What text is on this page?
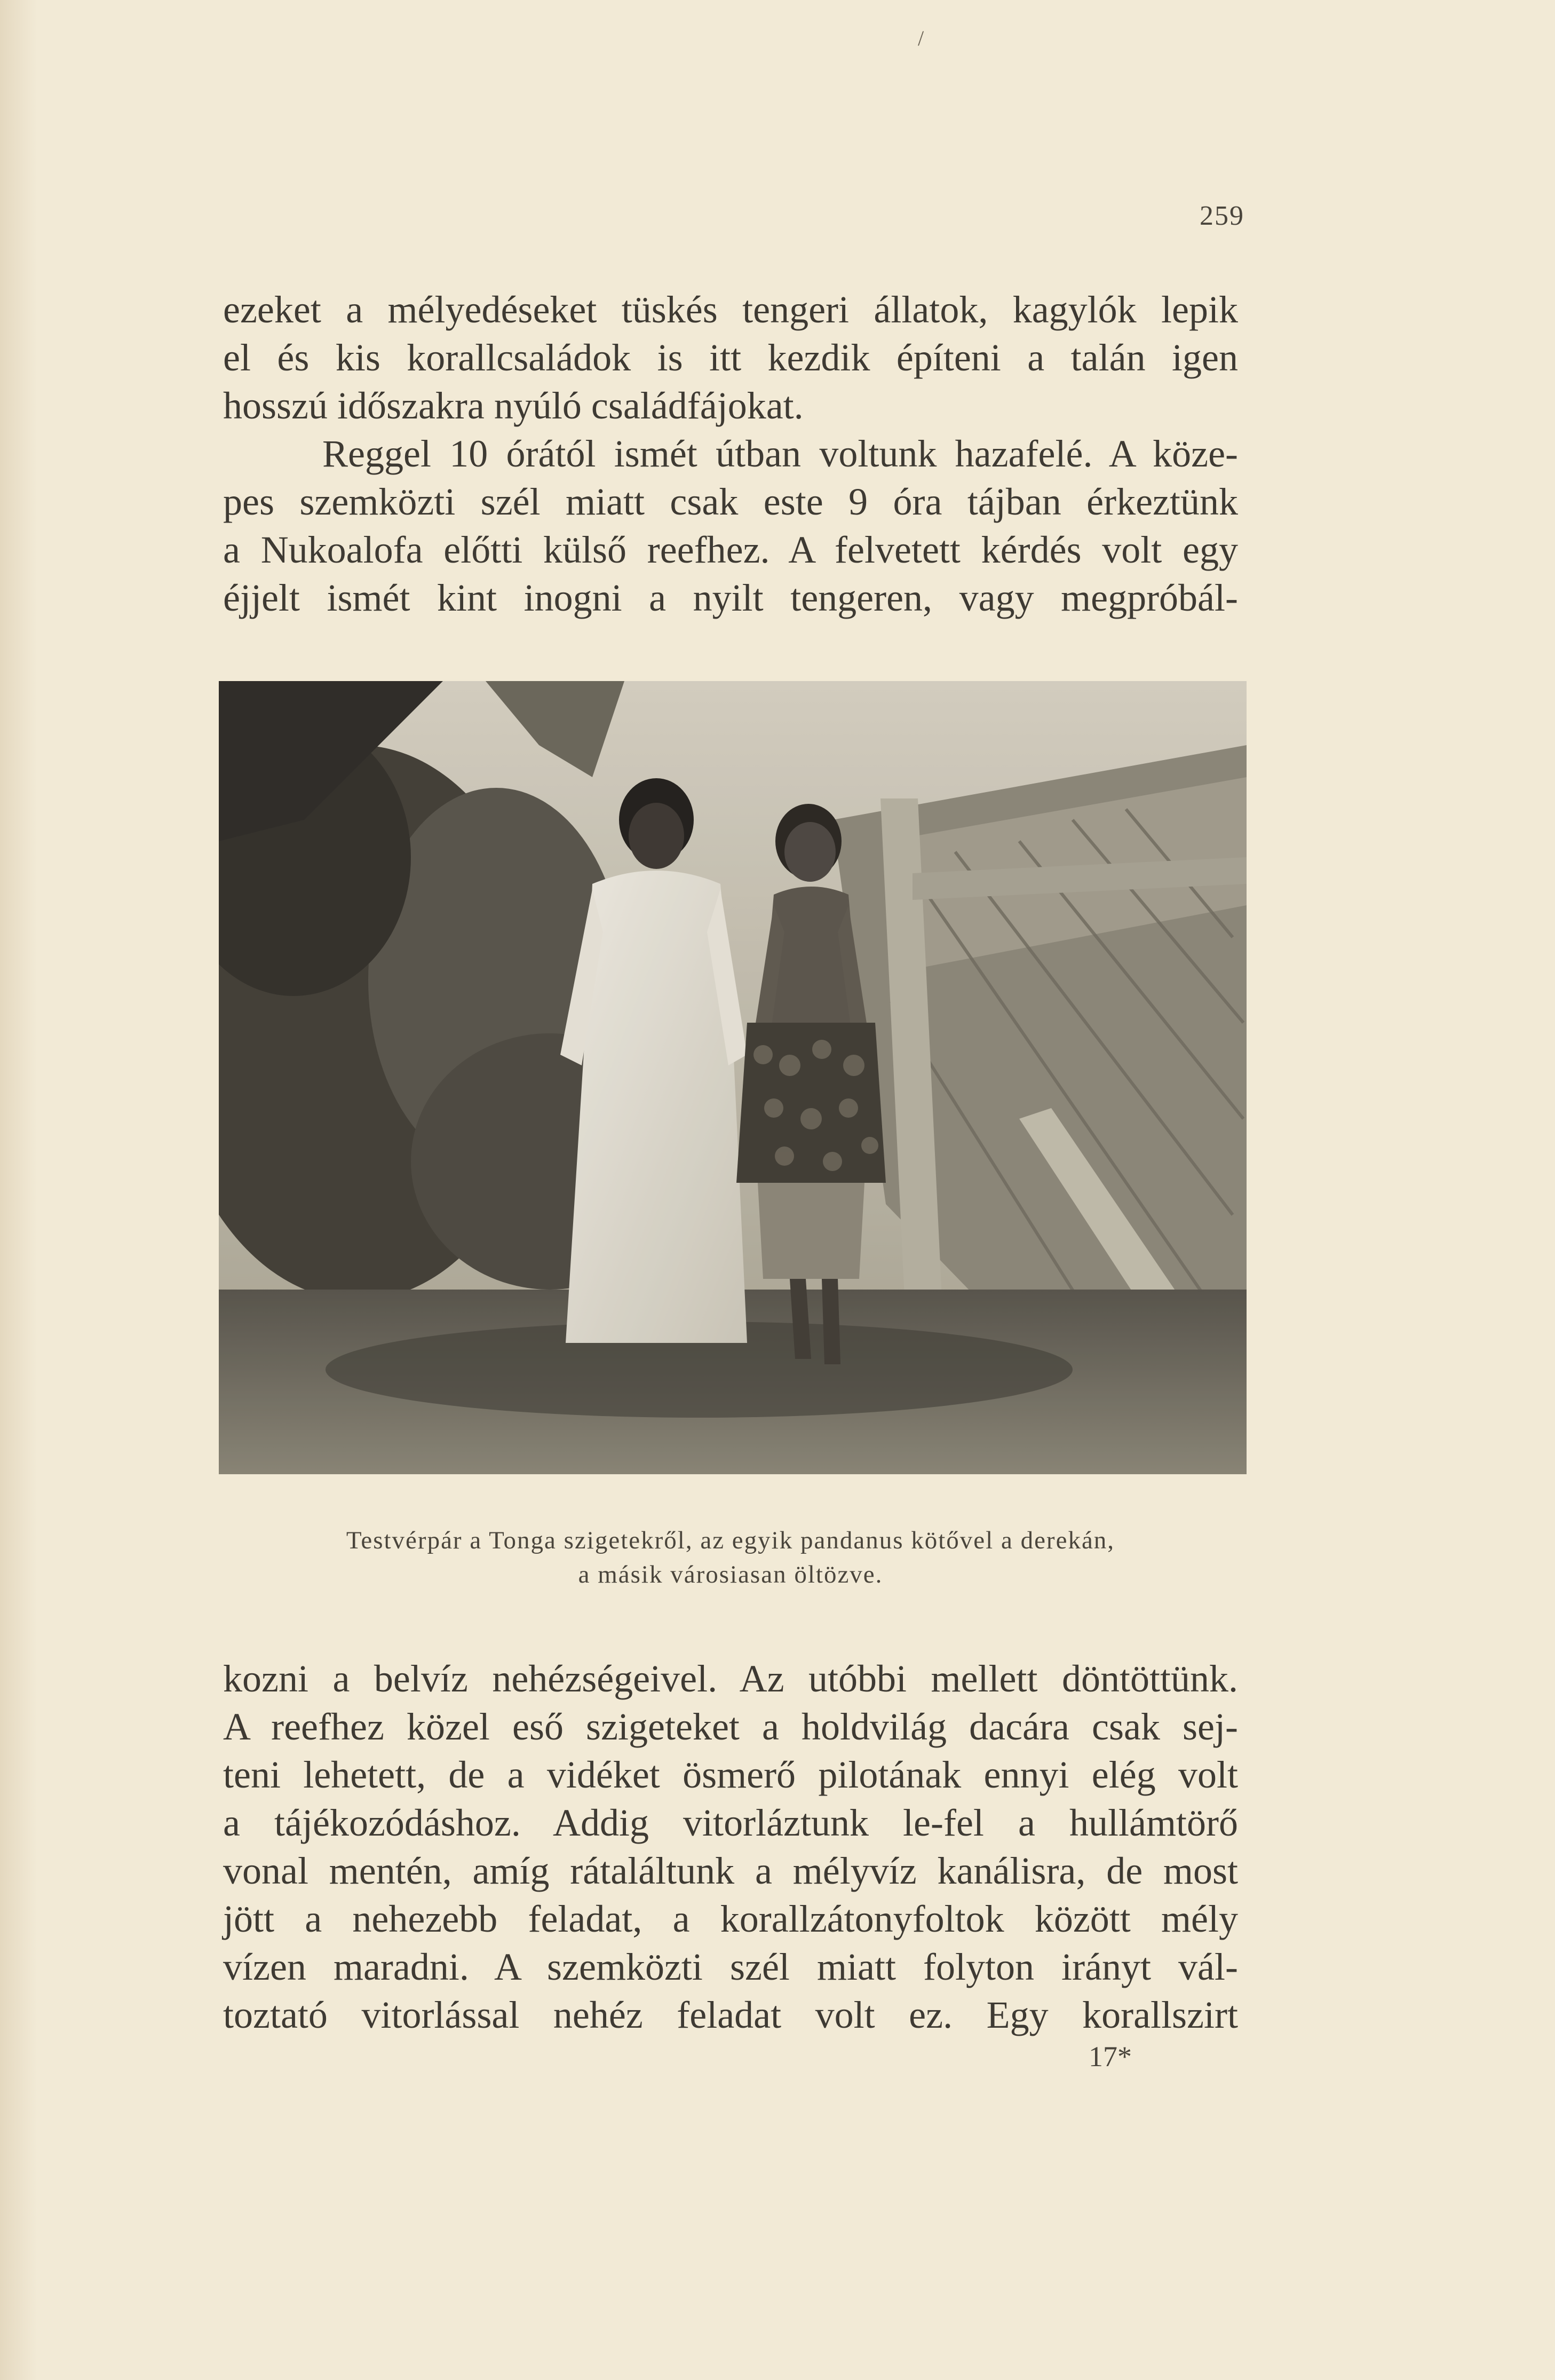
/
259

ezeket a mélyedéseket tüskés tengeri állatok, kagylók lepik
el és kis korallcsaládok is itt kezdik építeni a talán igen
hosszú időszakra nyúló családfájokat.

Reggel 10 órától ismét útban voltunk hazafelé. A köze-
pes szemközti szél miatt csak este 9 óra tájban érkeztünk
a Nukoalofa előtti külső reefhez. A felvetett kérdés volt egy
éjjelt ismét kint inogni a nyilt tengeren, vagy megpróbál-

Testvérpár a Tonga szigetekről, az egyik pandanus kötővel a derekán,
a másik városiasan öltözve.

kozni a belvíz nehézségeivel. Az utóbbi mellett döntöttünk.
A reefhez közel eső szigeteket a holdvilág dacára csak sej-
teni lehetett, de a vidéket ösmerő pilotának ennyi elég volt
a tájékozódáshoz. Addig vitorláztunk le-fel a hullámtörő
vonal mentén, amíg rátaláltunk a mélyvíz kanálisra, de most
jött a nehezebb feladat, a korallzátonyfoltok között mély
vízen maradni. A szemközti szél miatt folyton irányt vál-
toztató vitorlással nehéz feladat volt ez. Egy korallszirt

17*
